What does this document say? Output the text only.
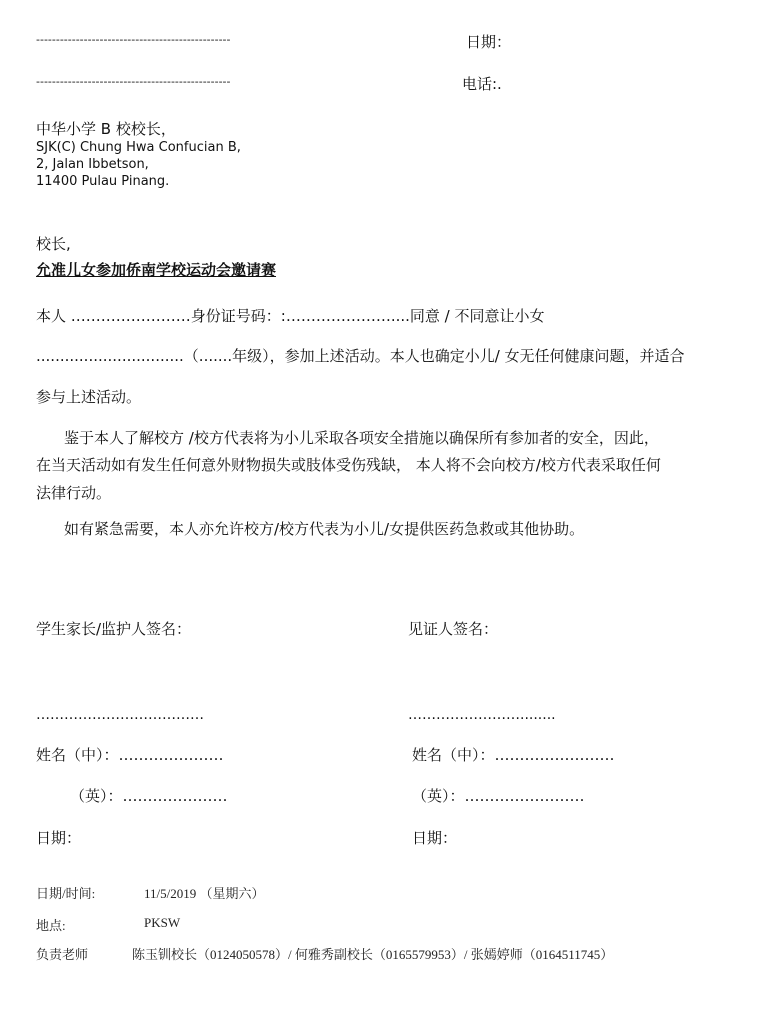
-------------------------------------------------	日期：
-------------------------------------------------	电话:.
中华小学 B 校校长，
SJK(C) Chung Hwa Confucian B,
2, Jalan Ibbetson,
11400 Pulau Pinang.
校长,
允准儿女参加侨南学校运动会邀请赛
本人 ……………………身份证号码：:…………………....同意 / 不同意让小女
...............................（.......年级），参加上述活动。本人也确定小儿/ 女无任何健康问题，并适合
参与上述活动。
鉴于本人了解校方 /校方代表将为小儿采取各项安全措施以确保所有参加者的安全，因此，
在当天活动如有发生任何意外财物损失或肢体受伤残缺， 本人将不会向校方/校方代表采取任何
法律行动。
如有紧急需要，本人亦允许校方/校方代表为小儿/女提供医药急救或其他协助。
学生家长/监护人签名：	见证人签名：
………………………………	……………………........
姓名（中）：…………………	姓名（中）：……………………
（英）：…………………	（英）：……………………
日期：	日期：
日期/时间:	11/5/2019 （星期六）
地点:	PKSW
负责老师	陈玉钏校长（0124050578）/ 何雅秀副校长（0165579953）/ 张嫣婷师（0164511745）
